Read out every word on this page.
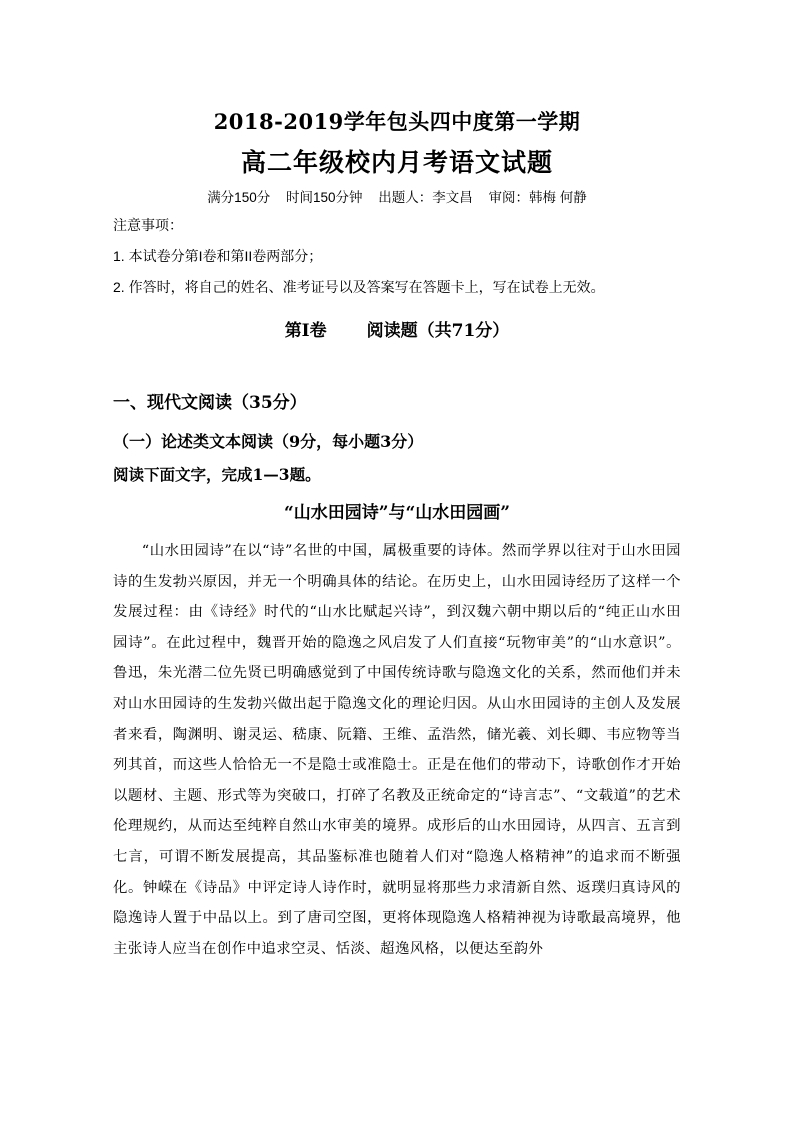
2018-2019学年包头四中度第一学期
高二年级校内月考语文试题
满分150分 时间150分钟 出题人：李文昌 审阅：韩梅 何静
注意事项：
1. 本试卷分第I卷和第II卷两部分；
2. 作答时，将自己的姓名、准考证号以及答案写在答题卡上，写在试卷上无效。
第I卷 阅读题（共71分）
一、现代文阅读（35分）
（一）论述类文本阅读（9分，每小题3分）
阅读下面文字，完成1—3题。
“山水田园诗”与“山水田园画”

“山水田园诗”在以“诗”名世的中国，属极重要的诗体。然而学界以往对于山水田园诗的生发勃兴原因，并无一个明确具体的结论。在历史上，山水田园诗经历了这样一个发展过程：由《诗经》时代的“山水比赋起兴诗”，到汉魏六朝中期以后的“纯正山水田园诗”。在此过程中，魏晋开始的隐逸之风启发了人们直接“玩物审美”的“山水意识”。鲁迅，朱光潜二位先贤已明确感觉到了中国传统诗歌与隐逸文化的关系，然而他们并未对山水田园诗的生发勃兴做出起于隐逸文化的理论归因。从山水田园诗的主创人及发展者来看，陶渊明、谢灵运、嵇康、阮籍、王维、孟浩然，储光羲、刘长卿、韦应物等当列其首，而这些人恰恰无一不是隐士或准隐士。正是在他们的带动下，诗歌创作才开始以题材、主题、形式等为突破口，打碎了名教及正统命定的“诗言志”、“文载道”的艺术伦理规约，从而达至纯粹自然山水审美的境界。成形后的山水田园诗，从四言、五言到七言，可谓不断发展提高，其品鉴标准也随着人们对“隐逸人格精神”的追求而不断强化。钟嵘在《诗品》中评定诗人诗作时，就明显将那些力求清新自然、返璞归真诗风的隐逸诗人置于中品以上。到了唐司空图，更将体现隐逸人格精神视为诗歌最高境界，他主张诗人应当在创作中追求空灵、恬淡、超逸风格，以便达至韵外
